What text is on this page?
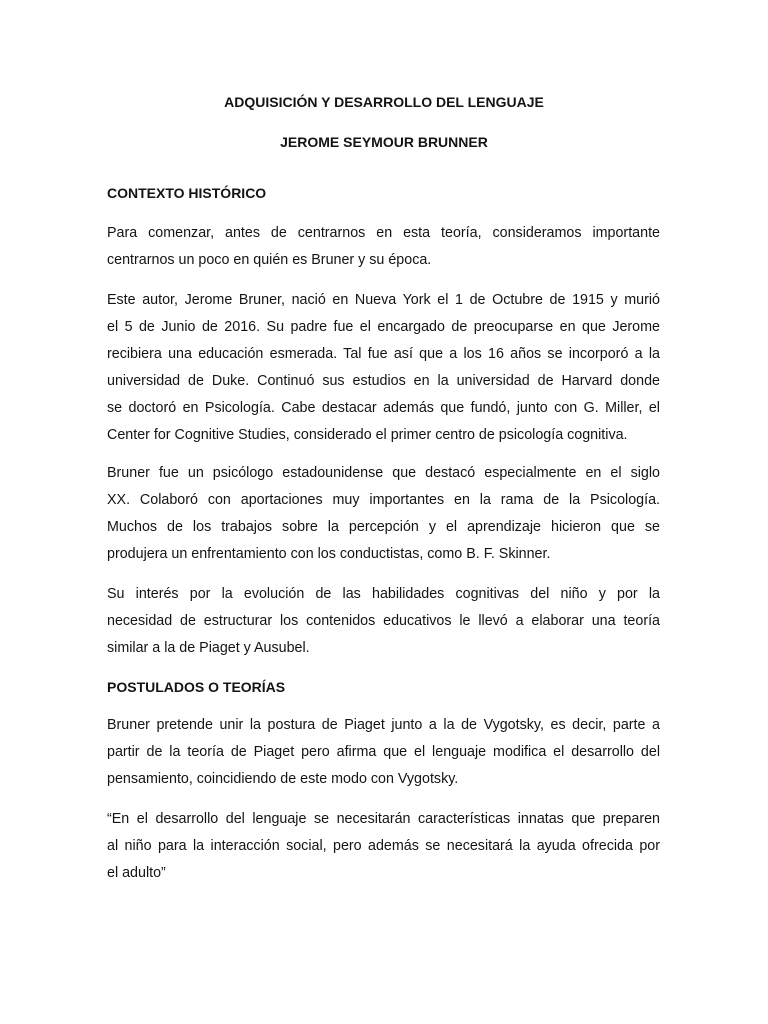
ADQUISICIÓN Y DESARROLLO DEL LENGUAJE

JEROME SEYMOUR BRUNNER

CONTEXTO HISTÓRICO

Para comenzar, antes de centrarnos en esta teoría, consideramos importante
centrarnos un poco en quién es Bruner y su época.
Este autor, Jerome Bruner, nació en Nueva York el 1 de Octubre de 1915 y murió
el 5 de Junio de 2016. Su padre fue el encargado de preocuparse en que Jerome
recibiera una educación esmerada. Tal fue así que a los 16 años se incorporó a la
universidad de Duke. Continuó sus estudios en la universidad de Harvard donde
se doctoró en Psicología. Cabe destacar además que fundó, junto con G. Miller, el
Center for Cognitive Studies, considerado el primer centro de psicología cognitiva.
Bruner fue un psicólogo estadounidense que destacó especialmente en el siglo
XX. Colaboró con aportaciones muy importantes en la rama de la Psicología.
Muchos de los trabajos sobre la percepción y el aprendizaje hicieron que se
produjera un enfrentamiento con los conductistas, como B. F. Skinner.
Su interés por la evolución de las habilidades cognitivas del niño y por la
necesidad de estructurar los contenidos educativos le llevó a elaborar una teoría
similar a la de Piaget y Ausubel.

POSTULADOS O TEORÍAS

Bruner pretende unir la postura de Piaget junto a la de Vygotsky, es decir, parte a
partir de la teoría de Piaget pero afirma que el lenguaje modifica el desarrollo del
pensamiento, coincidiendo de este modo con Vygotsky.
“En el desarrollo del lenguaje se necesitarán características innatas que preparen
al niño para la interacción social, pero además se necesitará la ayuda ofrecida por
el adulto”
